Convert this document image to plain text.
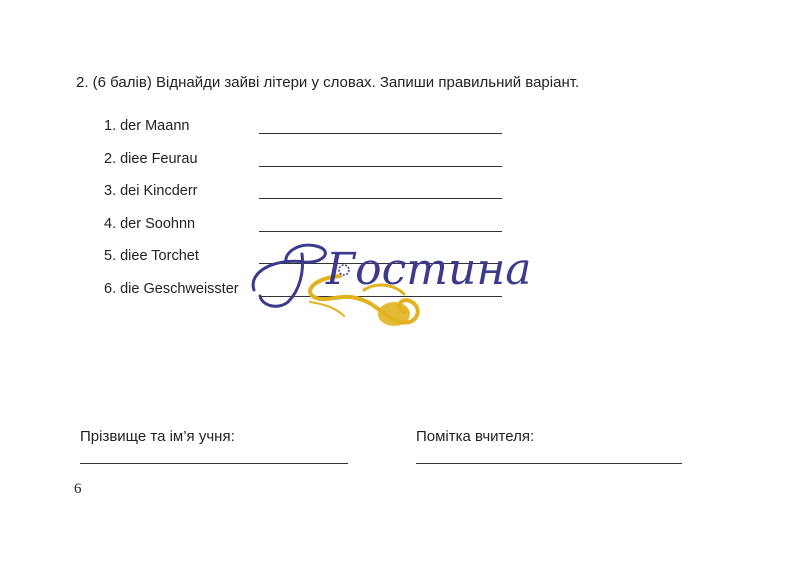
2. (6 балів) Віднайди зайві літери у словах. Запиши правильний варіант.
1. der Maann
2. diee Feurau
3. dei Kincderr
4. der Soohnn
5. diee Torchet
6. die Geschweisster Гостина
Прізвище та ім’я учня:	Помітка вчителя:
6
